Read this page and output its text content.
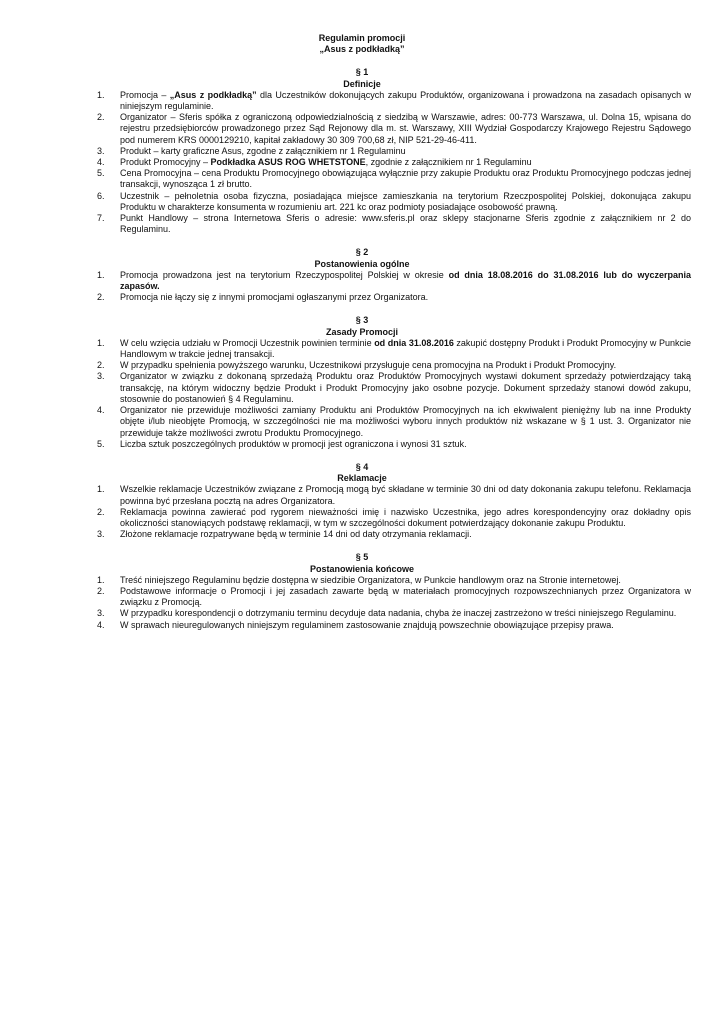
Regulamin promocji
„Asus z podkładką”
§ 1
Definicje
1. Promocja – „Asus z podkładką” dla Uczestników dokonujących zakupu Produktów, organizowana i prowadzona na zasadach opisanych w niniejszym regulaminie.
2. Organizator – Sferis spółka z ograniczoną odpowiedzialnością z siedzibą w Warszawie, adres: 00-773 Warszawa, ul. Dolna 15, wpisana do rejestru przedsiębiorców prowadzonego przez Sąd Rejonowy dla m. st. Warszawy, XIII Wydział Gospodarczy Krajowego Rejestru Sądowego pod numerem KRS 0000129210, kapitał zakładowy 30 309 700,68 zł, NIP 521-29-46-411.
3. Produkt – karty graficzne Asus, zgodne z załącznikiem nr 1 Regulaminu
4. Produkt Promocyjny – Podkładka ASUS ROG WHETSTONE, zgodnie z załącznikiem nr 1 Regulaminu
5. Cena Promocyjna – cena Produktu Promocyjnego obowiązująca wyłącznie przy zakupie Produktu oraz Produktu Promocyjnego podczas jednej transakcji, wynosząca 1 zł brutto.
6. Uczestnik – pełnoletnia osoba fizyczna, posiadająca miejsce zamieszkania na terytorium Rzeczpospolitej Polskiej, dokonująca zakupu Produktu w charakterze konsumenta w rozumieniu art. 221 kc oraz podmioty posiadające osobowość prawną.
7. Punkt Handlowy – strona Internetowa Sferis o adresie: www.sferis.pl oraz sklepy stacjonarne Sferis zgodnie z załącznikiem nr 2 do Regulaminu.
§ 2
Postanowienia ogólne
1. Promocja prowadzona jest na terytorium Rzeczypospolitej Polskiej w okresie od dnia 18.08.2016 do 31.08.2016 lub do wyczerpania zapasów.
2. Promocja nie łączy się z innymi promocjami ogłaszanymi przez Organizatora.
§ 3
Zasady Promocji
1. W celu wzięcia udziału w Promocji Uczestnik powinien terminie od dnia 31.08.2016 zakupić dostępny Produkt i Produkt Promocyjny w Punkcie Handlowym w trakcie jednej transakcji.
2. W przypadku spełnienia powyższego warunku, Uczestnikowi przysługuje cena promocyjna na Produkt i Produkt Promocyjny.
3. Organizator w związku z dokonaną sprzedażą Produktu oraz Produktów Promocyjnych wystawi dokument sprzedaży potwierdzający taką transakcję, na którym widoczny będzie Produkt i Produkt Promocyjny jako osobne pozycje. Dokument sprzedaży stanowi dowód zakupu, stosownie do postanowień § 4 Regulaminu.
4. Organizator nie przewiduje możliwości zamiany Produktu ani Produktów Promocyjnych na ich ekwiwalent pieniężny lub na inne Produkty objęte i/lub nieobjęte Promocją, w szczególności nie ma możliwości wyboru innych produktów niż wskazane w § 1 ust. 3. Organizator nie przewiduje także możliwości zwrotu Produktu Promocyjnego.
5. Liczba sztuk poszczególnych produktów w promocji jest ograniczona i wynosi 31 sztuk.
§ 4
Reklamacje
1. Wszelkie reklamacje Uczestników związane z Promocją mogą być składane w terminie 30 dni od daty dokonania zakupu telefonu. Reklamacja powinna być przesłana pocztą na adres Organizatora.
2. Reklamacja powinna zawierać pod rygorem nieważności imię i nazwisko Uczestnika, jego adres korespondencyjny oraz dokładny opis okoliczności stanowiących podstawę reklamacji, w tym w szczególności dokument potwierdzający dokonanie zakupu Produktu.
3. Złożone reklamacje rozpatrywane będą w terminie 14 dni od daty otrzymania reklamacji.
§ 5
Postanowienia końcowe
1. Treść niniejszego Regulaminu będzie dostępna w siedzibie Organizatora, w Punkcie handlowym oraz na Stronie internetowej.
2. Podstawowe informacje o Promocji i jej zasadach zawarte będą w materiałach promocyjnych rozpowszechnianych przez Organizatora w związku z Promocją.
3. W przypadku korespondencji o dotrzymaniu terminu decyduje data nadania, chyba że inaczej zastrzeżono w treści niniejszego Regulaminu.
4. W sprawach nieuregulowanych niniejszym regulaminem zastosowanie znajdują powszechnie obowiązujące przepisy prawa.
